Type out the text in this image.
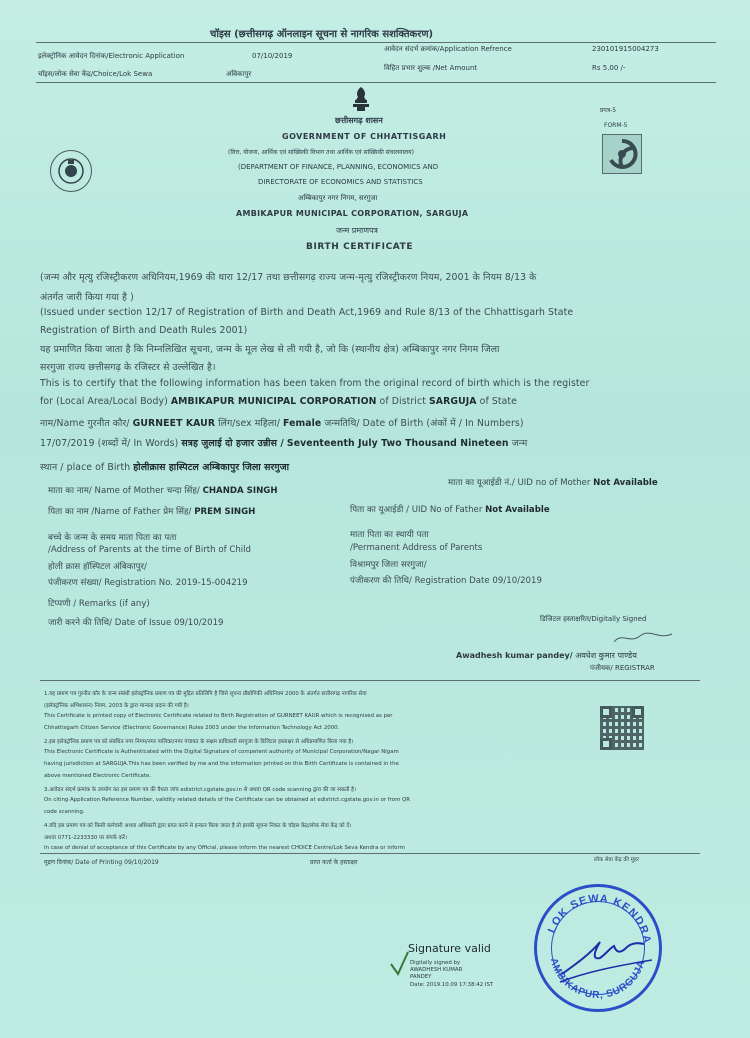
चॉइस (छत्तीसगढ़ ऑनलाइन सूचना से नागरिक सशक्तिकरण)
इलेक्ट्रोनिक आवेदन दिनांक/Electronic Application	07/10/2019
चॉइस/लोक सेवा केंद्र/Choice/Lok Sewa	अंबिकापुर
आवेदन संदर्भ क्रमांक/Application Refrence	230101915004273
विहित प्रभार शुल्क /Net Amount	Rs 5.00 /-
छत्तीसगढ़ शासन
GOVERNMENT OF CHHATTISGARH
(वित्त, योजना, आर्थिक एवं सांख्यिकी विभाग तथा आर्थिक एवं सांख्यिकी संचालनालय)
(DEPARTMENT OF FINANCE, PLANNING, ECONOMICS AND
DIRECTORATE OF ECONOMICS AND STATISTICS
अम्बिकापुर नगर निगम, सरगुजा
AMBIKAPUR MUNICIPAL CORPORATION, SARGUJA
जन्म प्रमाणपत्र
BIRTH CERTIFICATE
प्रपत्र-5
FORM-5
(जन्म और मृत्यु रजिस्ट्रीकरण अधिनियम,1969 की धारा 12/17 तथा छत्तीसगढ़ राज्य जन्म-मृत्यु रजिस्ट्रीकरण नियम, 2001 के नियम 8/13 के
अंतर्गत जारी किया गया है )
(Issued under section 12/17 of Registration of Birth and Death Act,1969 and Rule 8/13 of the Chhattisgarh State
Registration of Birth and Death Rules 2001)
यह प्रमाणित किया जाता है कि निम्नलिखित सूचना, जन्म के मूल लेख से ली गयी है, जो कि (स्थानीय क्षेत्र) अम्बिकापुर नगर निगम जिला
सरगुजा राज्य छत्तीसगढ़ के रजिस्टर से उल्लेखित है।
This is to certify that the following information has been taken from the original record of birth which is the register
for (Local Area/Local Body) AMBIKAPUR MUNICIPAL CORPORATION of District SARGUJA of State
नाम/Name गुरनीत कौर/ GURNEET KAUR लिंग/sex महिला/ Female जन्मतिथि/ Date of Birth (अंकों में / In Numbers)
17/07/2019 (शब्दों में/ In Words) सत्रह जुलाई दो हजार उन्नीस / Seventeenth July Two Thousand Nineteen जन्म
स्थान / place of Birth होलीक्रास हास्पिटल अम्बिकापुर जिला सरगुजा
माता का नाम/ Name of Mother चन्दा सिंह/ CHANDA SINGH
माता का यूआईडी नं./ UID no of Mother Not Available
पिता का नाम /Name of Father प्रेम सिंह/ PREM SINGH	पिता का यूआईडी / UID No of Father Not Available
बच्चे के जन्म के समय माता पिता का पता
/Address of Parents at the time of Birth of Child
होली क्रास हॉस्पिटल अंबिकापुर/
माता पिता का स्थायी पता
/Permanent Address of Parents
विश्रामपुर जिला सरगुजा/
पंजीकरण संख्या/ Registration No. 2019-15-004219	पंजीकरण की तिथि/ Registration Date 09/10/2019
टिप्पणी / Remarks (if any)
जारी करने की तिथि/ Date of Issue 09/10/2019	डिजिटल हस्ताक्षरित/Digitally Signed
Awadhesh kumar pandey/ अवधेश कुमार पाण्डेय
पंजीयक/ REGISTRAR
1.यह प्रमाण पत्र गुरनीत कौर के जन्म संबंधी इलेक्ट्रॉनिक प्रमाण पत्र की मुद्रित प्रतिलिपि है जिसे सूचना प्रौद्योगिकी अधिनियम 2000 के अंतर्गत छत्तीसगढ़ नागरिक सेवा
(इलेक्ट्रॉनिक अभिशासन) नियम, 2003 के द्वारा मान्यता प्रदान की गयी है।
This Certificate is printed copy of Electronic Certificate related to Birth Registration of GURNEET KAUR which is recognised as per
Chhattisgarh Citizen Service (Electronic Governance) Rules 2003 under the Information Technology Act 2000.
2.इस इलेक्ट्रॉनिक प्रमाण पत्र को संबंधित नगर निगम/नगर पालिका/नगर पंचायत के सक्षम प्राधिकारी सरगुजा के डिजिटल हस्ताक्षर से अधिप्रमाणित किया गया है।
This Electronic Certificate is Authenticated with the Digital Signature of competent authority of Municipal Corporation/Nagar Nigam
having jurisdiction at SARGUJA.This has been verified by me and the information printed on this Birth Certificate is contained in the
above mentioned Electronic Certificate.
3.आवेदन संदर्भ क्रमांक के उपयोग कर इस प्रमाण पत्र की वैधता जांच edistrict.cgstate.gov.in से अथवा QR code scanning द्वारा की जा सकती है।
On citing Application Reference Number, validity related details of the Certificate can be obtained at edistrict.cgstate.gov.in or from QR
code scanning.
4.यदि इस प्रमाण पत्र को किसी कर्मचारी अथवा अधिकारी द्वारा प्राप्त करने से इन्कार किया जाता है तो इसकी सूचना निकट के चॉइस केंद्र/लोक सेवा केंद्र को दें।
अथवा 0771-2233330 पर संपर्क करें।
In case of denial of acceptance of this Certificate by any Official, please inform the nearest CHOICE Centre/Lok Seva Kendra or inform
मुद्रण दिनांक/ Date of Printing 09/10/2019	प्राप्त कर्ता के हस्ताक्षर	लोक सेवा केंद्र की मुहर
Signature valid
Digitally signed by
AWADHESH KUMAR
PANDEY
Date: 2019.10.09 17:38:42 IST
LOK SEWA KENDRA
AMBIKAPUR, SURGUJA
